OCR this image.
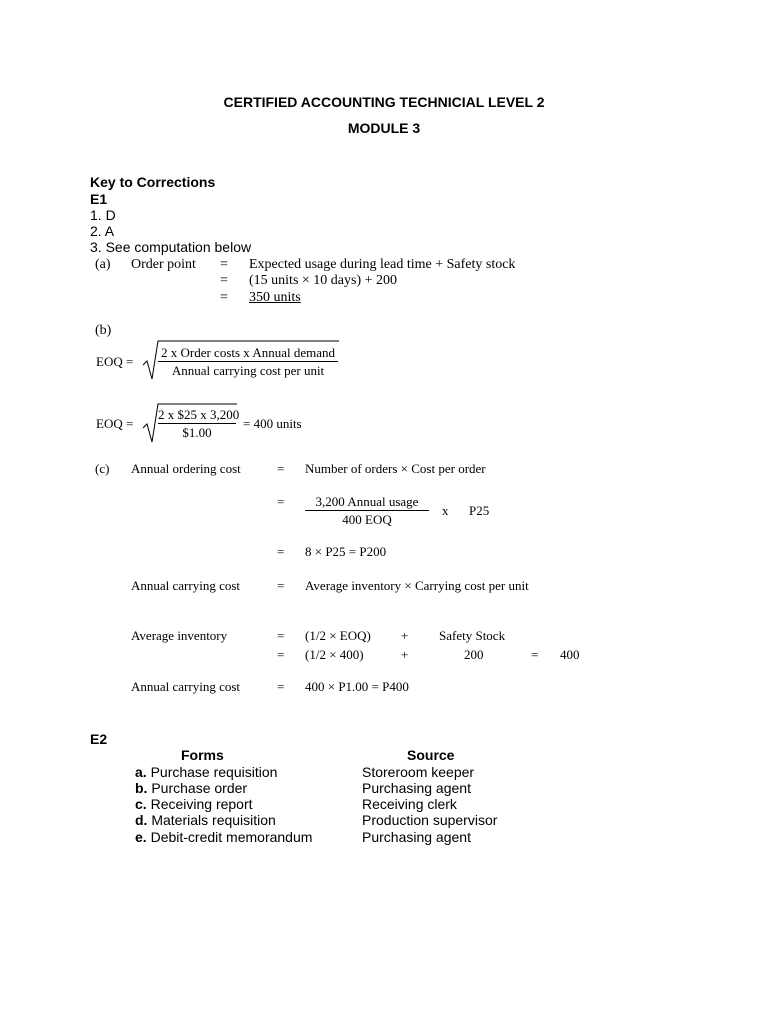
CERTIFIED ACCOUNTING TECHNICIAL LEVEL 2
MODULE 3
Key to Corrections
E1
1. D
2. A
3. See computation below
(a) Order point = Expected usage during lead time + Safety stock
= (15 units × 10 days) + 200
= 350 units
(b)
EOQ =
2 x Order costs x Annual demand
Annual carrying cost per unit
EOQ =
2 x $25 x 3,200
$1.00
= 400 units
(c) Annual ordering cost	= Number of orders × Cost per order
=	3,200 Annual usage
400 EOQ
x P25
= 8 × P25 = P200
Annual carrying cost	= Average inventory × Carrying cost per unit
Average inventory	= (1/2 × EOQ) + Safety Stock
= (1/2 × 400)	+	200	= 400
Annual carrying cost	= 400 × P1.00 = P400
E2
Forms	Source
a. Purchase requisition	Storeroom keeper
b. Purchase order	Purchasing agent
c. Receiving report	Receiving clerk
d. Materials requisition	Production supervisor
e. Debit-credit memorandum	Purchasing agent
